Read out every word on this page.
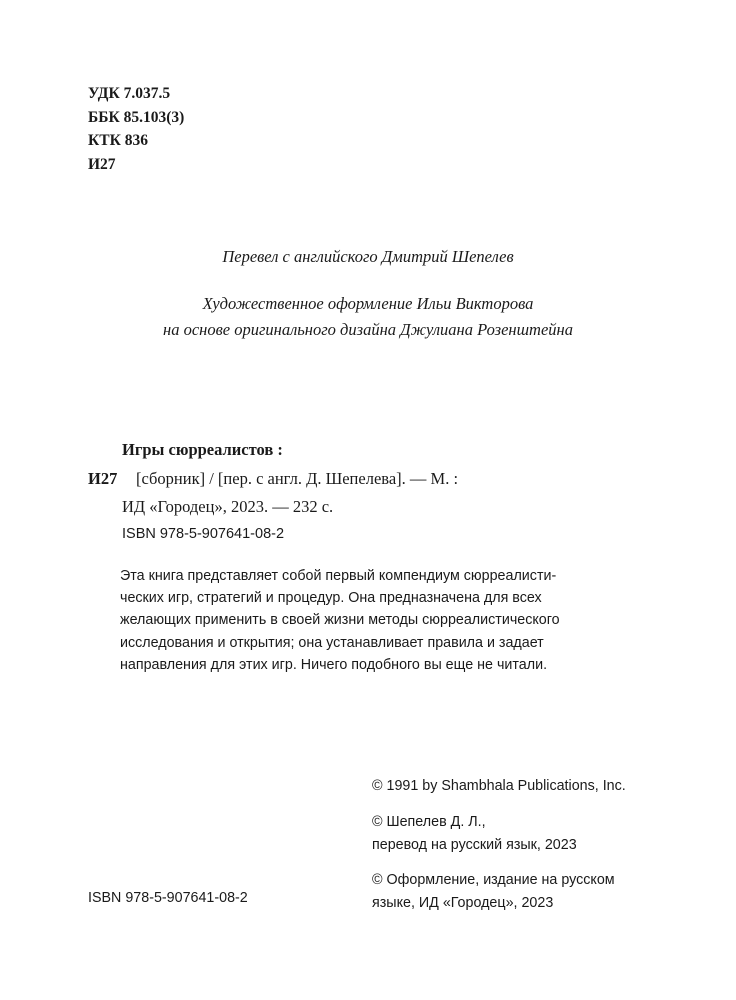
УДК 7.037.5
ББК 85.103(3)
КТК 836
И27
Перевел с английского Дмитрий Шепелев
Художественное оформление Ильи Викторова
на основе оригинального дизайна Джулиана Розенштейна
Игры сюрреалистов :
И27 [сборник] / [пер. с англ. Д. Шепелева]. — М. :
ИД «Городец», 2023. — 232 с.
ISBN 978-5-907641-08-2
Эта книга представляет собой первый компендиум сюрреалисти-
ческих игр, стратегий и процедур. Она предназначена для всех
желающих применить в своей жизни методы сюрреалистического
исследования и открытия; она устанавливает правила и задает
направления для этих игр. Ничего подобного вы еще не читали.
© 1991 by Shambhala Publications, Inc.
© Шепелев Д. Л.,
перевод на русский язык, 2023
© Оформление, издание на русском
языке, ИД «Городец», 2023
ISBN 978-5-907641-08-2
